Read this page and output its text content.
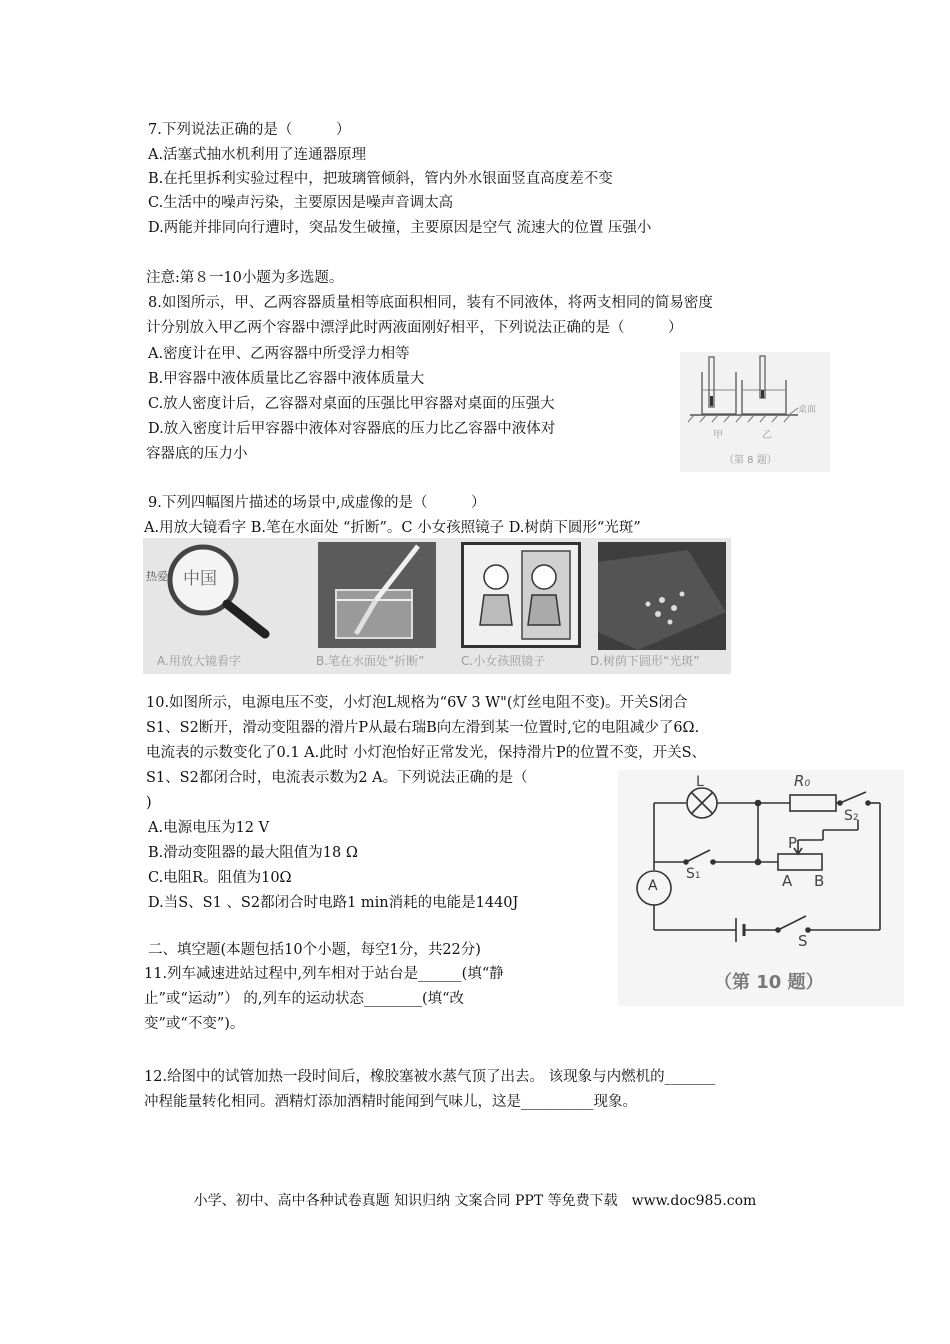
7.下列说法正确的是（　　　）
A.活塞式抽水机利用了连通器原理
B.在托里拆利实验过程中，把玻璃管倾斜，管内外水银面竖直高度差不变
C.生活中的噪声污染，主要原因是噪声音调太高
D.两能并排同向行遭时，突品发生破撞，主要原因是空气 流速大的位置 压强小
注意:第８一10小题为多选题。
8.如图所示，甲、乙两容器质量相等底面积相同，装有不同液体，将两支相同的简易密度
计分别放入甲乙两个容器中漂浮此时两液面刚好相平，下列说法正确的是（　　　）
A.密度计在甲、乙两容器中所受浮力相等
B.甲容器中液体质量比乙容器中液体质量大
C.放人密度计后，乙容器对桌面的压强比甲容器对桌面的压强大
D.放入密度计后甲容器中液体对容器底的压力比乙容器中液体对
容器底的压力小
桌面
甲	乙
（第 8 题）
9.下列四幅图片描述的场景中,成虚像的是（　　　）
A.用放大镜看字 B.笔在水面处 “折断”。C 小女孩照镜子 D.树荫下圆形“光斑”
热爱 中国
A.用放大镜看字	B.笔在水面处“折断”	C.小女孩照镜子	D.树荫下圆形“光斑”
10.如图所示，电源电压不变，小灯泡L规格为“6V 3 W"(灯丝电阻不变)。开关S闭合
S1、S2断开，滑动变阻器的滑片P从最右瑞B向左滑到某一位置时,它的电阻减少了6Ω.
电流表的示数变化了0.1 A.此时 小灯泡怡好正常发光，保持滑片P的位置不变，开关S、
S1、S2都闭合时，电流表示数为2 A。下列说法正确的是（
)
A.电源电压为12 V
B.滑动变阻器的最大阻值为18 Ω
C.电阻R。阻值为10Ω
D.当S、S1 、S2都闭合时电路1 min消耗的电能是1440J
L	R0
S2
P
S1	A B
A
S
（第 10 题）
二、填空题(本题包括10个小题，每空1分，共22分)
11.列车减速进站过程中,列车相对于站台是______(填“静
止”或“运动”） 的,列车的运动状态________(填“改
变”或“不变”)。
12.给图中的试管加热一段时间后，橡胶塞被水蒸气顶了出去。 该现象与内燃机的_______
冲程能量转化相同。酒精灯添加酒精时能闻到气味儿，这是__________现象。
小学、初中、高中各种试卷真题 知识归纳 文案合同 PPT 等免费下载　www.doc985.com
